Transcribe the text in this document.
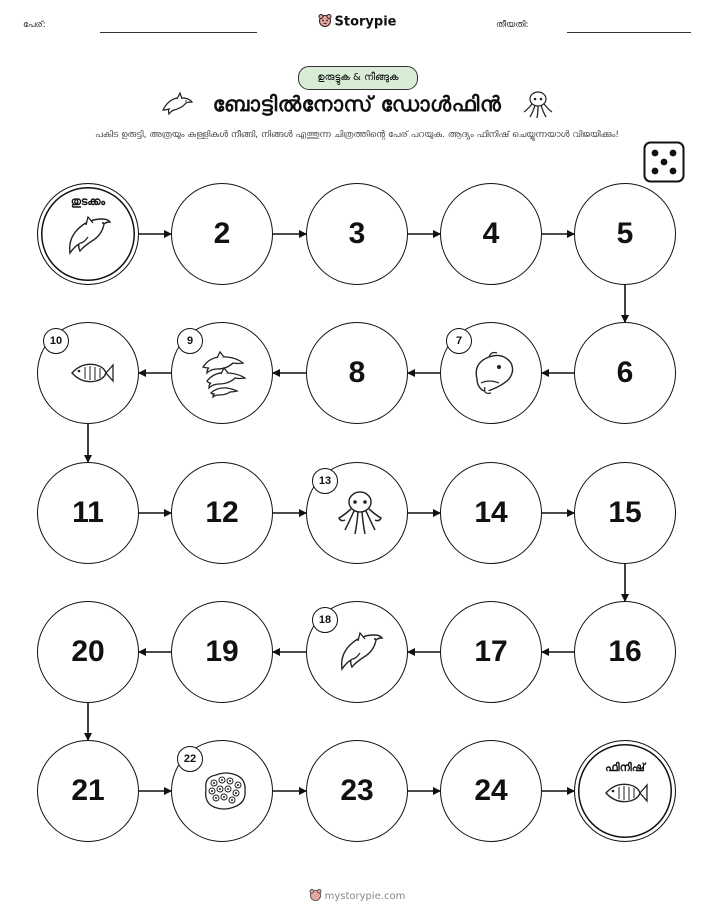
പേര്:	Storypie	തീയതി:
ഉരുട്ടുക & നീങ്ങുക
ബോട്ടിൽനോസ് ഡോൾഫിൻ
പകിട ഉരുട്ടി, അത്രയും കള്ളികൾ നീങ്ങി, നിങ്ങൾ എത്തുന്ന ചിത്രത്തിന്റെ പേര് പറയുക. ആദ്യം ഫിനിഷ് ചെയ്യുന്നയാൾ വിജയിക്കും!
തുടക്കം
2	3	4	5
10	9
8
7
6
11	12
13
14	15
20	19
18
17	16
21
22
23	24
ഫിനിഷ്
mystorypie.com
